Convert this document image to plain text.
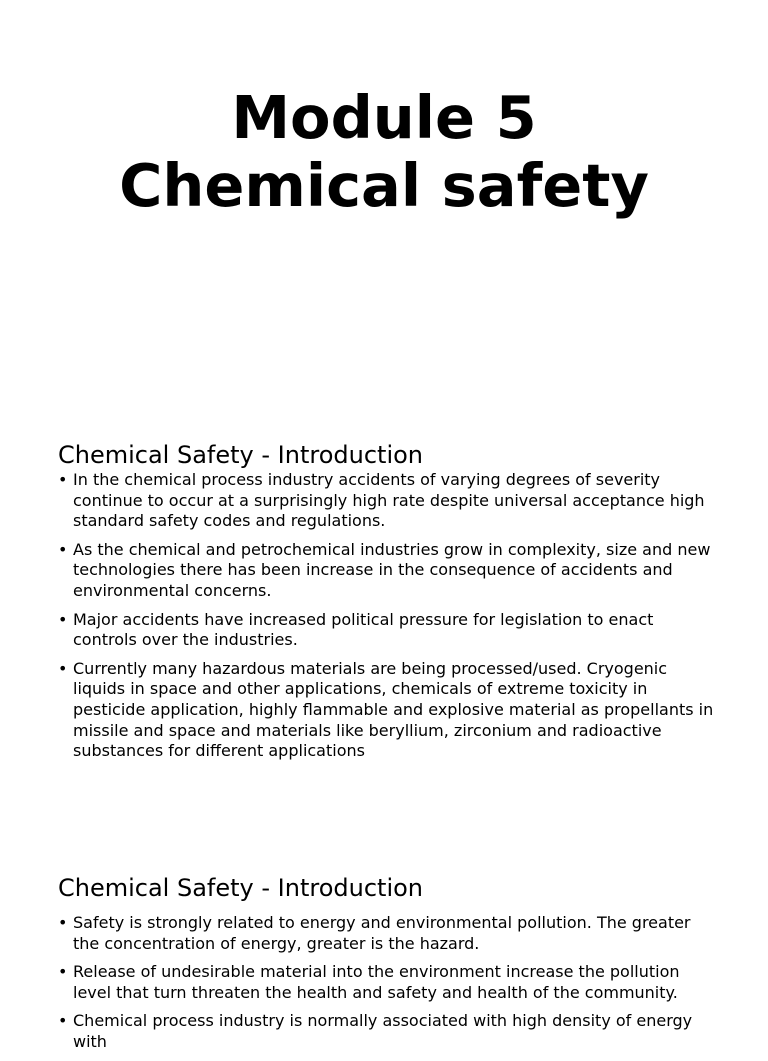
Module 5
Chemical safety
Chemical Safety - Introduction
• In the chemical process industry accidents of varying degrees of severity continue to occur at a surprisingly high rate despite universal acceptance high standard safety codes and regulations.
• As the chemical and petrochemical industries grow in complexity, size and new technologies there has been increase in the consequence of accidents and environmental concerns.
• Major accidents have increased political pressure for legislation to enact controls over the industries.
• Currently many hazardous materials are being processed/used. Cryogenic liquids in space and other applications, chemicals of extreme toxicity in pesticide application, highly flammable and explosive material as propellants in missile and space and materials like beryllium, zirconium and radioactive substances for different applications
Chemical Safety - Introduction
• Safety is strongly related to energy and environmental pollution. The greater the concentration of energy, greater is the hazard.
• Release of undesirable material into the environment increase the pollution level that turn threaten the health and safety and health of the community.
• Chemical process industry is normally associated with high density of energy with
